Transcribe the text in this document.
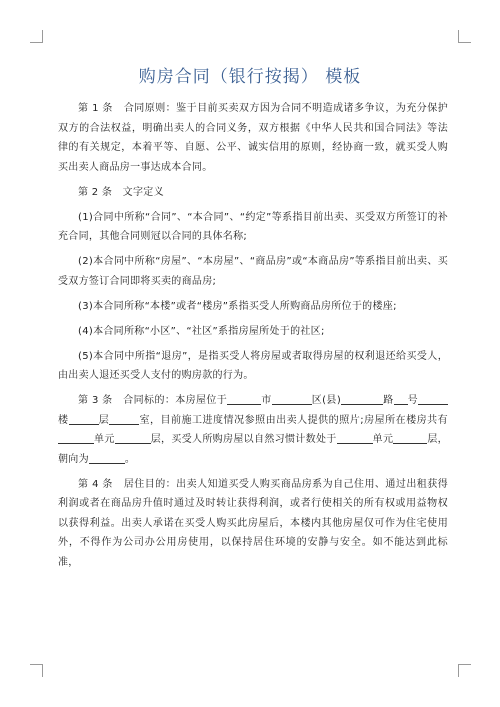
购房合同（银行按揭） 模板

第 1 条 合同原则：鉴于目前买卖双方因为合同不明造成诸多争议，为充分保护双方的合法权益，明确出卖人的合同义务，双方根据《中华人民共和国合同法》等法律的有关规定，本着平等、自愿、公平、诚实信用的原则，经协商一致，就买受人购买出卖人商品房一事达成本合同。

第 2 条 文字定义

(1)合同中所称“合同”、“本合同”、“约定”等系指目前出卖、买受双方所签订的补充合同，其他合同则冠以合同的具体名称;

(2)本合同中所称“房屋”、“本房屋”、“商品房”或“本商品房”等系指目前出卖、买受双方签订合同即将买卖的商品房;

(3)本合同所称“本楼”或者“楼房”系指买受人所购商品房所位于的楼座;

(4)本合同所称“小区”、“社区”系指房屋所处于的社区;

(5)本合同中所指“退房”，是指买受人将房屋或者取得房屋的权利退还给买受人，由出卖人退还买受人支付的购房款的行为。

第 3 条 合同标的：本房屋位于	市	区(县)	路 号楼	层	室，目前施工进度情况参照由出卖人提供的照片;房屋所在楼房共有单元	层，买受人所购房屋以自然习惯计数处于	单元	层，朝向为	。

第 4 条 居住目的：出卖人知道买受人购买商品房系为自己住用、通过出租获得利润或者在商品房升值时通过及时转让获得利润，或者行使相关的所有权或用益物权以获得利益。出卖人承诺在买受人购买此房屋后，本楼内其他房屋仅可作为住宅使用外，不得作为公司办公用房使用，以保持居住环境的安静与安全。如不能达到此标准，
